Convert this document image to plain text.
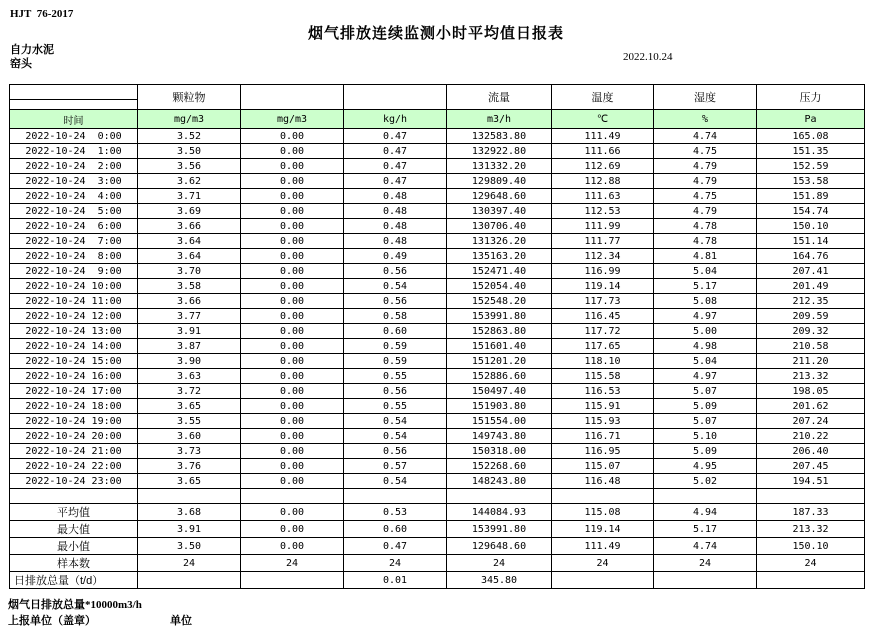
HJT  76-2017
烟气排放连续监测小时平均值日报表
自力水泥
窑头
2022.10.24
	颗粒物			流量	温度	湿度	压力

时间	mg/m3	mg/m3	kg/h	m3/h	℃	%	Pa
2022-10-24  0:00	3.52	0.00	0.47	132583.80	111.49	4.74	165.08
2022-10-24  1:00	3.50	0.00	0.47	132922.80	111.66	4.75	151.35
2022-10-24  2:00	3.56	0.00	0.47	131332.20	112.69	4.79	152.59
2022-10-24  3:00	3.62	0.00	0.47	129809.40	112.88	4.79	153.58
2022-10-24  4:00	3.71	0.00	0.48	129648.60	111.63	4.75	151.89
2022-10-24  5:00	3.69	0.00	0.48	130397.40	112.53	4.79	154.74
2022-10-24  6:00	3.66	0.00	0.48	130706.40	111.99	4.78	150.10
2022-10-24  7:00	3.64	0.00	0.48	131326.20	111.77	4.78	151.14
2022-10-24  8:00	3.64	0.00	0.49	135163.20	112.34	4.81	164.76
2022-10-24  9:00	3.70	0.00	0.56	152471.40	116.99	5.04	207.41
2022-10-24 10:00	3.58	0.00	0.54	152054.40	119.14	5.17	201.49
2022-10-24 11:00	3.66	0.00	0.56	152548.20	117.73	5.08	212.35
2022-10-24 12:00	3.77	0.00	0.58	153991.80	116.45	4.97	209.59
2022-10-24 13:00	3.91	0.00	0.60	152863.80	117.72	5.00	209.32
2022-10-24 14:00	3.87	0.00	0.59	151601.40	117.65	4.98	210.58
2022-10-24 15:00	3.90	0.00	0.59	151201.20	118.10	5.04	211.20
2022-10-24 16:00	3.63	0.00	0.55	152886.60	115.58	4.97	213.32
2022-10-24 17:00	3.72	0.00	0.56	150497.40	116.53	5.07	198.05
2022-10-24 18:00	3.65	0.00	0.55	151903.80	115.91	5.09	201.62
2022-10-24 19:00	3.55	0.00	0.54	151554.00	115.93	5.07	207.24
2022-10-24 20:00	3.60	0.00	0.54	149743.80	116.71	5.10	210.22
2022-10-24 21:00	3.73	0.00	0.56	150318.00	116.95	5.09	206.40
2022-10-24 22:00	3.76	0.00	0.57	152268.60	115.07	4.95	207.45
2022-10-24 23:00	3.65	0.00	0.54	148243.80	116.48	5.02	194.51

平均值	3.68	0.00	0.53	144084.93	115.08	4.94	187.33
最大值	3.91	0.00	0.60	153991.80	119.14	5.17	213.32
最小值	3.50	0.00	0.47	129648.60	111.49	4.74	150.10
样本数	24	24	24	24	24	24	24
日排放总量（t/d）			0.01	345.80			
烟气日排放总量*10000m3/h
上报单位（盖章）	单位
